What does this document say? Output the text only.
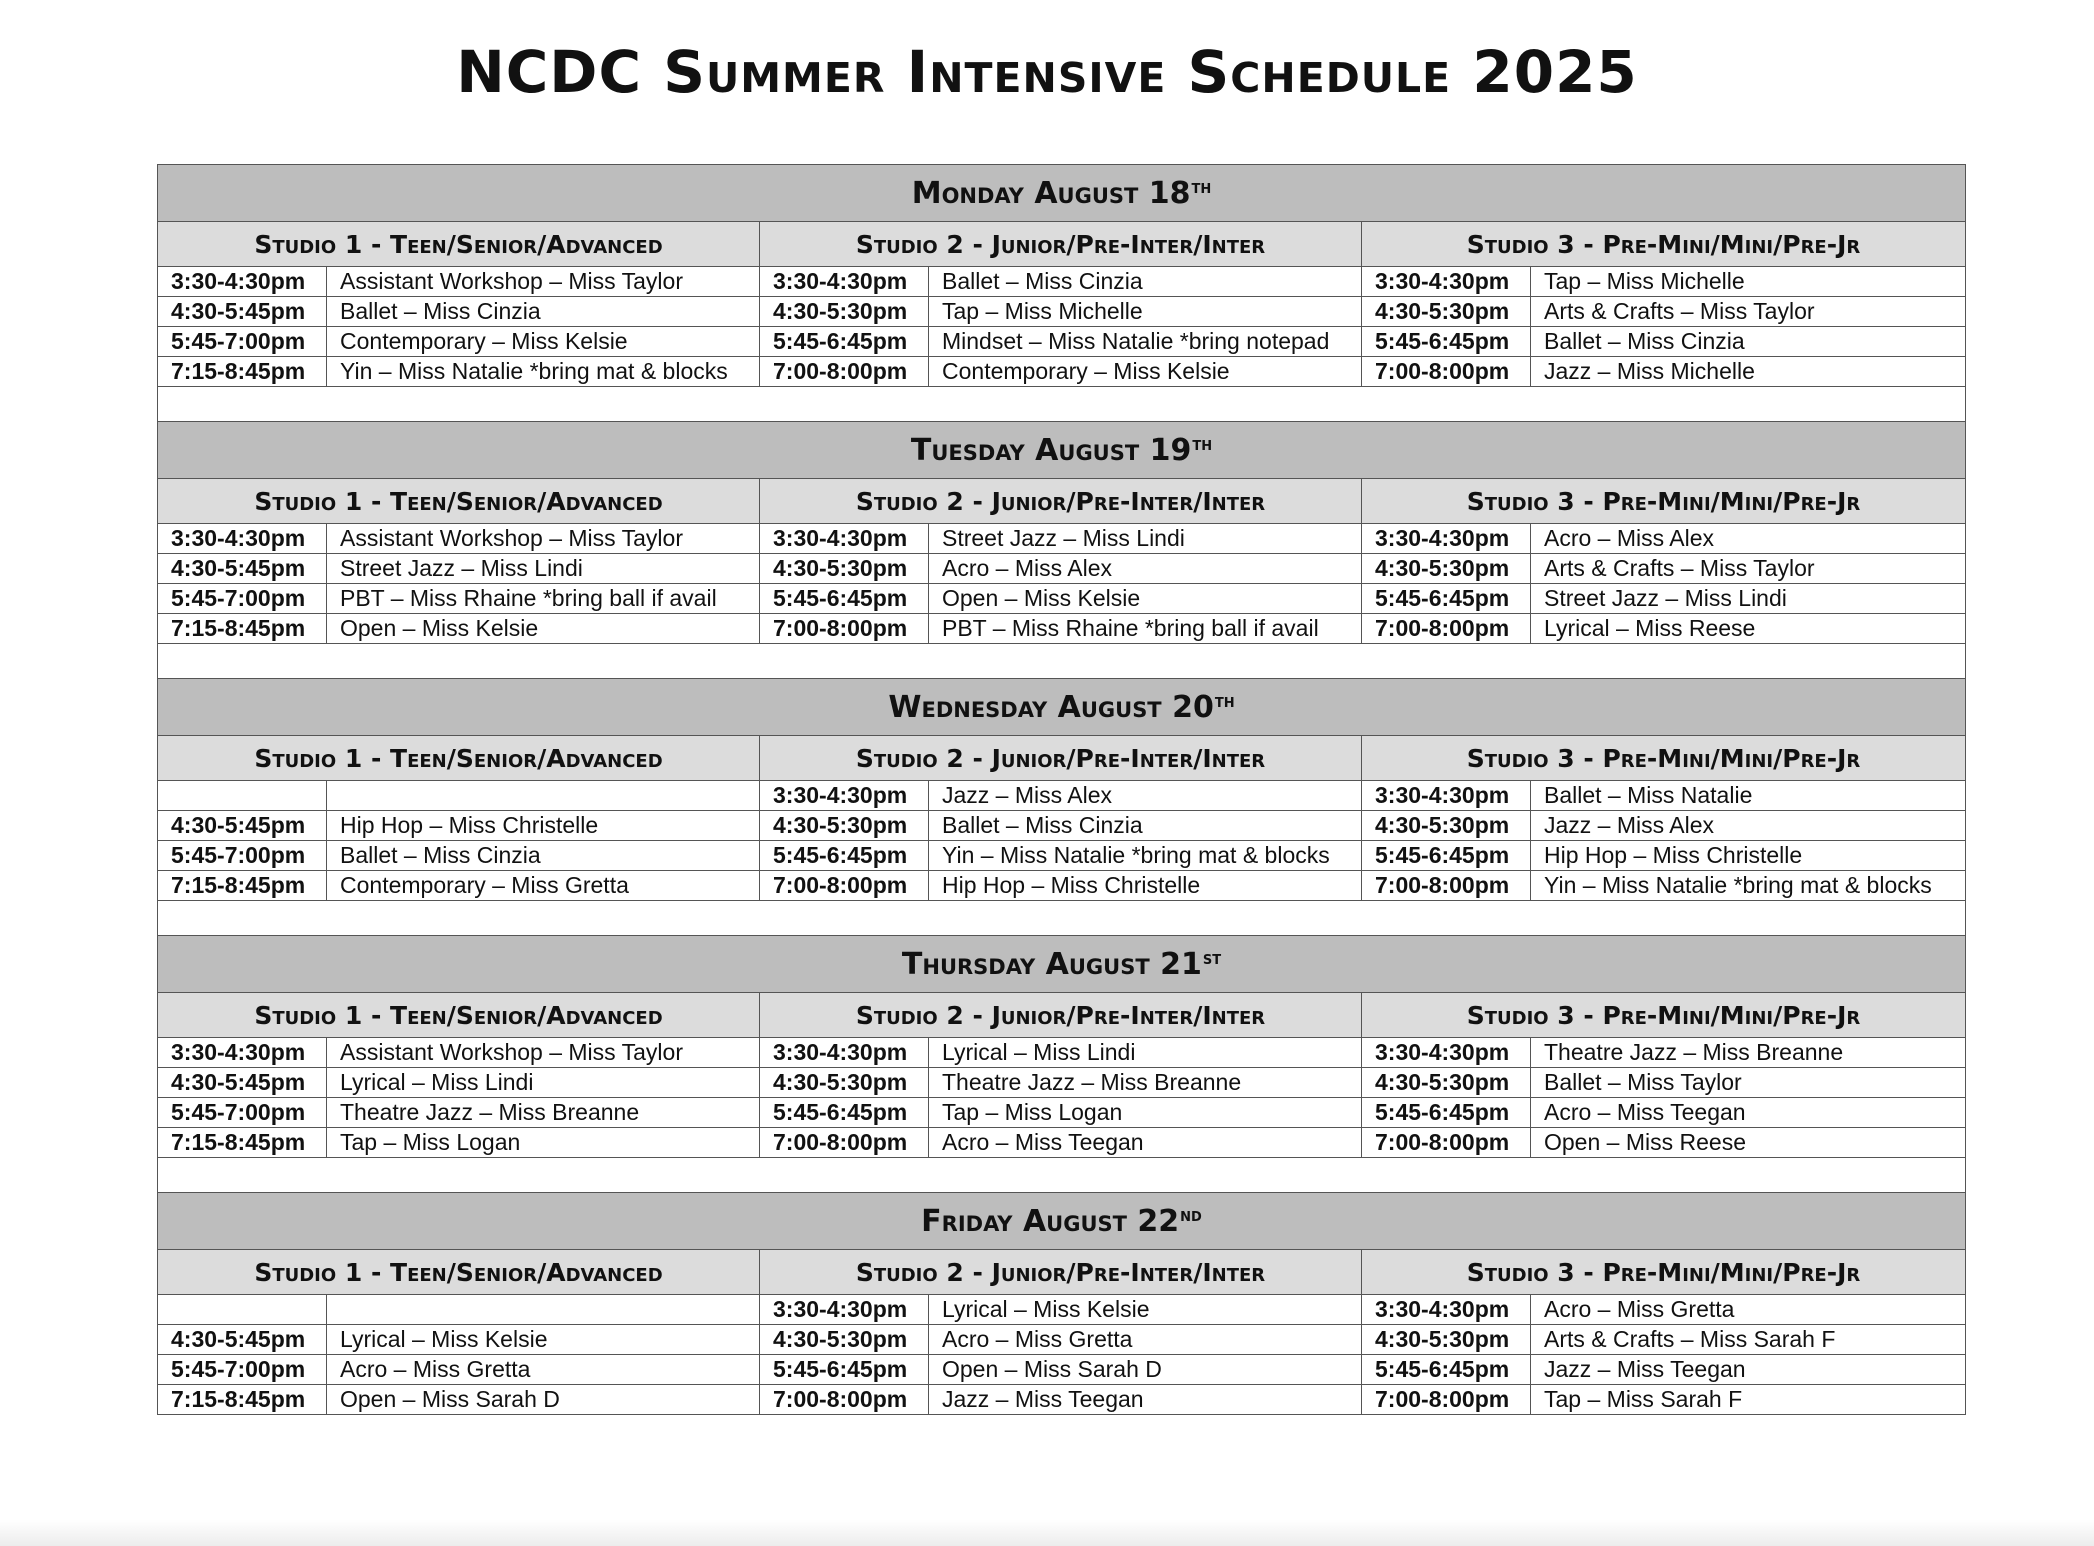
NCDC Summer Intensive Schedule 2025
Monday August 18th
Studio 1 - Teen/Senior/Advanced		Studio 2 - Junior/Pre-Inter/Inter		Studio 3 - Pre-Mini/Mini/Pre-Jr	
3:30-4:30pm	Assistant Workshop – Miss Taylor	3:30-4:30pm	Ballet – Miss Cinzia	3:30-4:30pm	Tap – Miss Michelle
4:30-5:45pm	Ballet – Miss Cinzia	4:30-5:30pm	Tap – Miss Michelle	4:30-5:30pm	Arts & Crafts – Miss Taylor
5:45-7:00pm	Contemporary – Miss Kelsie	5:45-6:45pm	Mindset – Miss Natalie *bring notepad	5:45-6:45pm	Ballet – Miss Cinzia
7:15-8:45pm	Yin – Miss Natalie *bring mat & blocks	7:00-8:00pm	Contemporary – Miss Kelsie	7:00-8:00pm	Jazz – Miss Michelle

Tuesday August 19th
Studio 1 - Teen/Senior/Advanced		Studio 2 - Junior/Pre-Inter/Inter		Studio 3 - Pre-Mini/Mini/Pre-Jr	
3:30-4:30pm	Assistant Workshop – Miss Taylor	3:30-4:30pm	Street Jazz – Miss Lindi	3:30-4:30pm	Acro – Miss Alex
4:30-5:45pm	Street Jazz – Miss Lindi	4:30-5:30pm	Acro – Miss Alex	4:30-5:30pm	Arts & Crafts – Miss Taylor
5:45-7:00pm	PBT – Miss Rhaine *bring ball if avail	5:45-6:45pm	Open – Miss Kelsie	5:45-6:45pm	Street Jazz – Miss Lindi
7:15-8:45pm	Open – Miss Kelsie	7:00-8:00pm	PBT – Miss Rhaine *bring ball if avail	7:00-8:00pm	Lyrical – Miss Reese

Wednesday August 20th
Studio 1 - Teen/Senior/Advanced		Studio 2 - Junior/Pre-Inter/Inter		Studio 3 - Pre-Mini/Mini/Pre-Jr	
		3:30-4:30pm	Jazz – Miss Alex	3:30-4:30pm	Ballet – Miss Natalie
4:30-5:45pm	Hip Hop – Miss Christelle	4:30-5:30pm	Ballet – Miss Cinzia	4:30-5:30pm	Jazz – Miss Alex
5:45-7:00pm	Ballet – Miss Cinzia	5:45-6:45pm	Yin – Miss Natalie *bring mat & blocks	5:45-6:45pm	Hip Hop – Miss Christelle
7:15-8:45pm	Contemporary – Miss Gretta	7:00-8:00pm	Hip Hop – Miss Christelle	7:00-8:00pm	Yin – Miss Natalie *bring mat & blocks

Thursday August 21st
Studio 1 - Teen/Senior/Advanced		Studio 2 - Junior/Pre-Inter/Inter		Studio 3 - Pre-Mini/Mini/Pre-Jr	
3:30-4:30pm	Assistant Workshop – Miss Taylor	3:30-4:30pm	Lyrical – Miss Lindi	3:30-4:30pm	Theatre Jazz – Miss Breanne
4:30-5:45pm	Lyrical – Miss Lindi	4:30-5:30pm	Theatre Jazz – Miss Breanne	4:30-5:30pm	Ballet – Miss Taylor
5:45-7:00pm	Theatre Jazz – Miss Breanne	5:45-6:45pm	Tap – Miss Logan	5:45-6:45pm	Acro – Miss Teegan
7:15-8:45pm	Tap – Miss Logan	7:00-8:00pm	Acro – Miss Teegan	7:00-8:00pm	Open – Miss Reese

Friday August 22nd
Studio 1 - Teen/Senior/Advanced		Studio 2 - Junior/Pre-Inter/Inter		Studio 3 - Pre-Mini/Mini/Pre-Jr	
		3:30-4:30pm	Lyrical – Miss Kelsie	3:30-4:30pm	Acro – Miss Gretta
4:30-5:45pm	Lyrical – Miss Kelsie	4:30-5:30pm	Acro – Miss Gretta	4:30-5:30pm	Arts & Crafts – Miss Sarah F
5:45-7:00pm	Acro – Miss Gretta	5:45-6:45pm	Open – Miss Sarah D	5:45-6:45pm	Jazz – Miss Teegan
7:15-8:45pm	Open – Miss Sarah D	7:00-8:00pm	Jazz – Miss Teegan	7:00-8:00pm	Tap – Miss Sarah F
